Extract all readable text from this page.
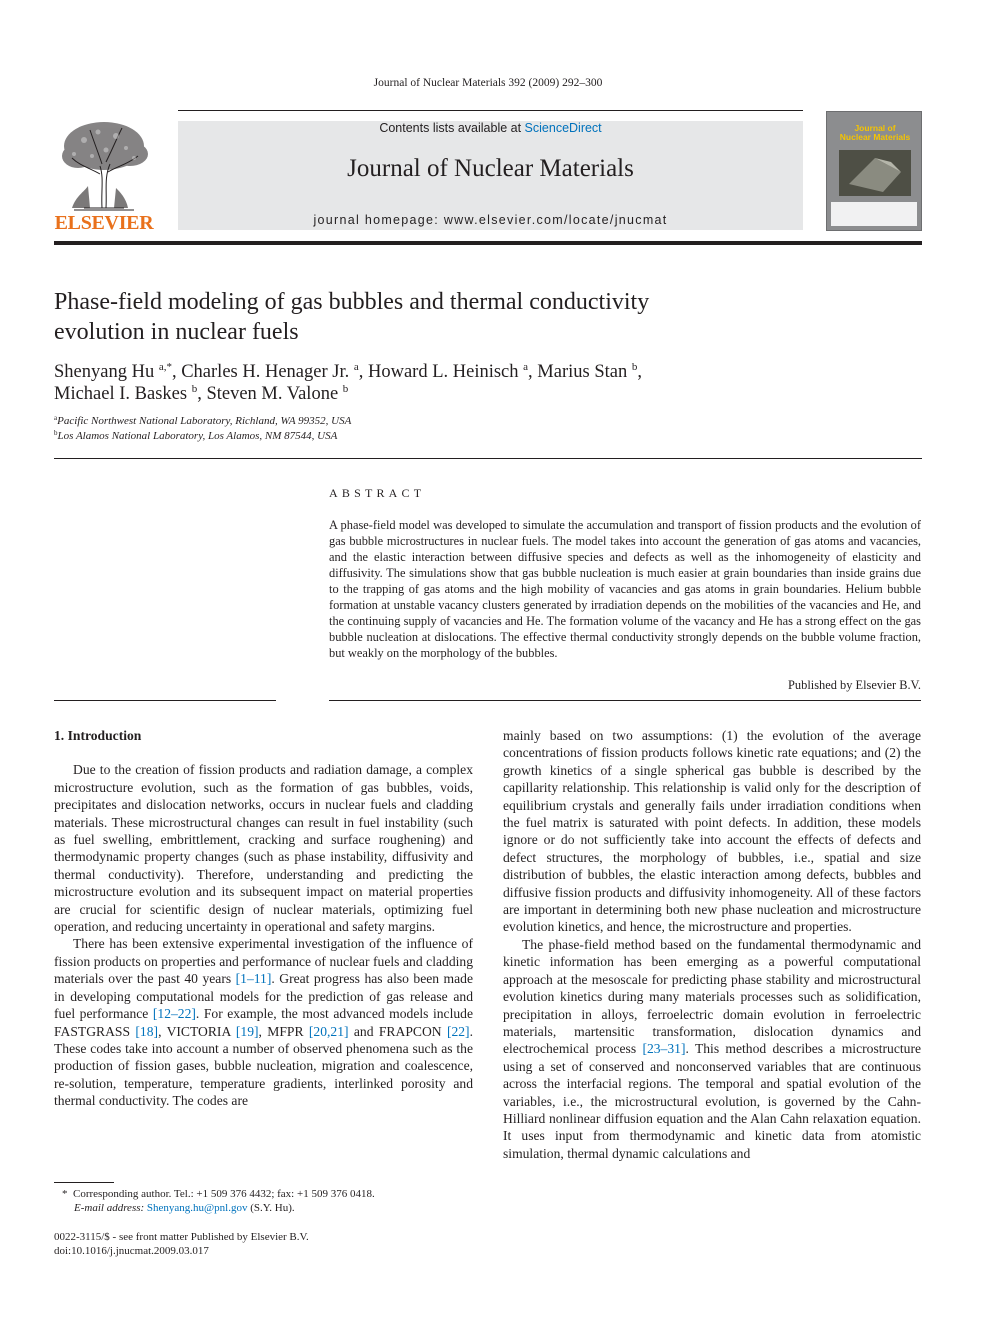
Journal of Nuclear Materials 392 (2009) 292–300
ELSEVIER
Contents lists available at ScienceDirect
Journal of Nuclear Materials
journal homepage: www.elsevier.com/locate/jnucmat
Journal of
Nuclear Materials
Phase-field modeling of gas bubbles and thermal conductivity
evolution in nuclear fuels
Shenyang Hu $^{a,*}$, Charles H. Henager Jr. $^a$, Howard L. Heinisch $^a$, Marius Stan $^b$,
Michael I. Baskes $^b$, Steven M. Valone $^b$
$^a$Pacific Northwest National Laboratory, Richland, WA 99352, USA
$^b$Los Alamos National Laboratory, Los Alamos, NM 87544, USA
ABSTRACT
A phase-field model was developed to simulate the accumulation and transport of fission products and the evolution of gas bubble microstructures in nuclear fuels. The model takes into account the generation of gas atoms and vacancies, and the elastic interaction between diffusive species and defects as well as the inhomogeneity of elasticity and diffusivity. The simulations show that gas bubble nucleation is much easier at grain boundaries than inside grains due to the trapping of gas atoms and the high mobility of vacancies and gas atoms in grain boundaries. Helium bubble formation at unstable vacancy clusters generated by irradiation depends on the mobilities of the vacancies and He, and the continuing supply of vacancies and He. The formation volume of the vacancy and He has a strong effect on the gas bubble nucleation at dislocations. The effective thermal conductivity strongly depends on the bubble volume fraction, but weakly on the morphology of the bubbles.
Published by Elsevier B.V.
1. Introduction

Due to the creation of fission products and radiation damage, a complex microstructure evolution, such as the formation of gas bubbles, voids, precipitates and dislocation networks, occurs in nuclear fuels and cladding materials. These microstructural changes can result in fuel instability (such as fuel swelling, embrittlement, cracking and surface roughening) and thermodynamic property changes (such as phase instability, diffusivity and thermal conductivity). Therefore, understanding and predicting the microstructure evolution and its subsequent impact on material properties are crucial for scientific design of nuclear materials, optimizing fuel operation, and reducing uncertainty in operational and safety margins.

There has been extensive experimental investigation of the influence of fission products on properties and performance of nuclear fuels and cladding materials over the past 40 years [1–11]. Great progress has also been made in developing computational models for the prediction of gas release and fuel performance [12–22]. For example, the most advanced models include FASTGRASS [18], VICTORIA [19], MFPR [20,21] and FRAPCON [22]. These codes take into account a number of observed phenomena such as the production of fission gases, bubble nucleation, migration and coalescence, re-solution, temperature, temperature gradients, interlinked porosity and thermal conductivity. The codes are

mainly based on two assumptions: (1) the evolution of the average concentrations of fission products follows kinetic rate equations; and (2) the growth kinetics of a single spherical gas bubble is described by the capillarity relationship. This relationship is valid only for the description of equilibrium crystals and generally fails under irradiation conditions when the fuel matrix is saturated with point defects. In addition, these models ignore or do not sufficiently take into account the effects of defects and defect structures, the morphology of bubbles, i.e., spatial and size distribution of bubbles, the elastic interaction among defects, bubbles and diffusive fission products and diffusivity inhomogeneity. All of these factors are important in determining both new phase nucleation and microstructure evolution kinetics, and hence, the microstructure and properties.

The phase-field method based on the fundamental thermodynamic and kinetic information has been emerging as a powerful computational approach at the mesoscale for predicting phase stability and microstructural evolution kinetics during many materials processes such as solidification, precipitation in alloys, ferroelectric domain evolution in ferroelectric materials, martensitic transformation, dislocation dynamics and electrochemical process [23–31]. This method describes a microstructure using a set of conserved and nonconserved variables that are continuous across the interfacial regions. The temporal and spatial evolution of the variables, i.e., the microstructural evolution, is governed by the Cahn-Hilliard nonlinear diffusion equation and the Alan Cahn relaxation equation. It uses input from thermodynamic and kinetic data from atomistic simulation, thermal dynamic calculations and

* Corresponding author. Tel.: +1 509 376 4432; fax: +1 509 376 0418.
E-mail address: Shenyang.hu@pnl.gov (S.Y. Hu).
0022-3115/$ - see front matter Published by Elsevier B.V.
doi:10.1016/j.jnucmat.2009.03.017
